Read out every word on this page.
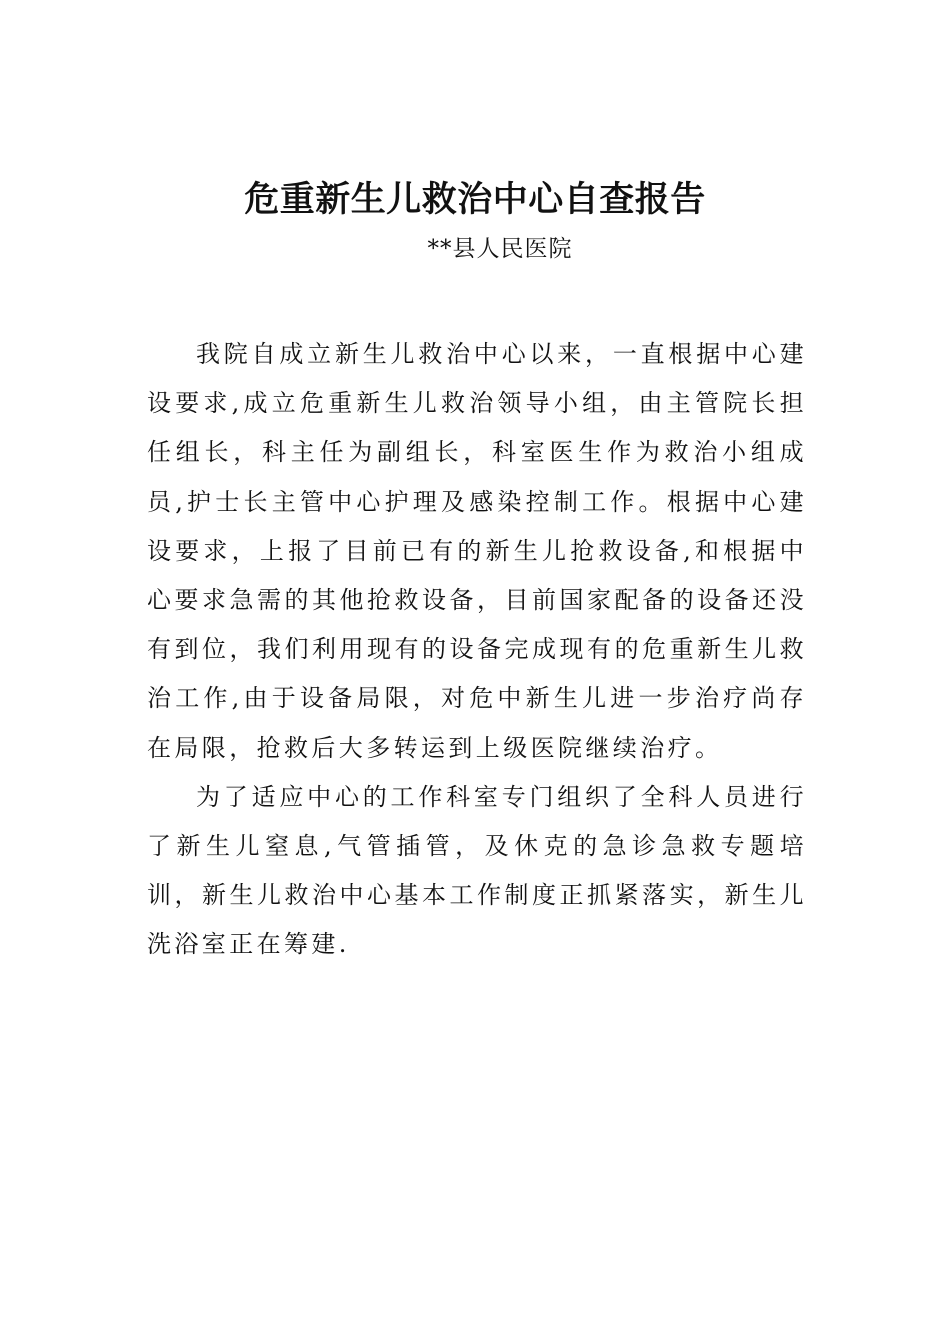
危重新生儿救治中心自查报告
**县人民医院

我院自成立新生儿救治中心以来，一直根据中心建设要求,成立危重新生儿救治领导小组，由主管院长担任组长，科主任为副组长，科室医生作为救治小组成员,护士长主管中心护理及感染控制工作。根据中心建设要求，上报了目前已有的新生儿抢救设备,和根据中心要求急需的其他抢救设备，目前国家配备的设备还没有到位，我们利用现有的设备完成现有的危重新生儿救治工作,由于设备局限，对危中新生儿进一步治疗尚存在局限，抢救后大多转运到上级医院继续治疗。

为了适应中心的工作科室专门组织了全科人员进行了新生儿窒息,气管插管，及休克的急诊急救专题培训，新生儿救治中心基本工作制度正抓紧落实，新生儿洗浴室正在筹建.
